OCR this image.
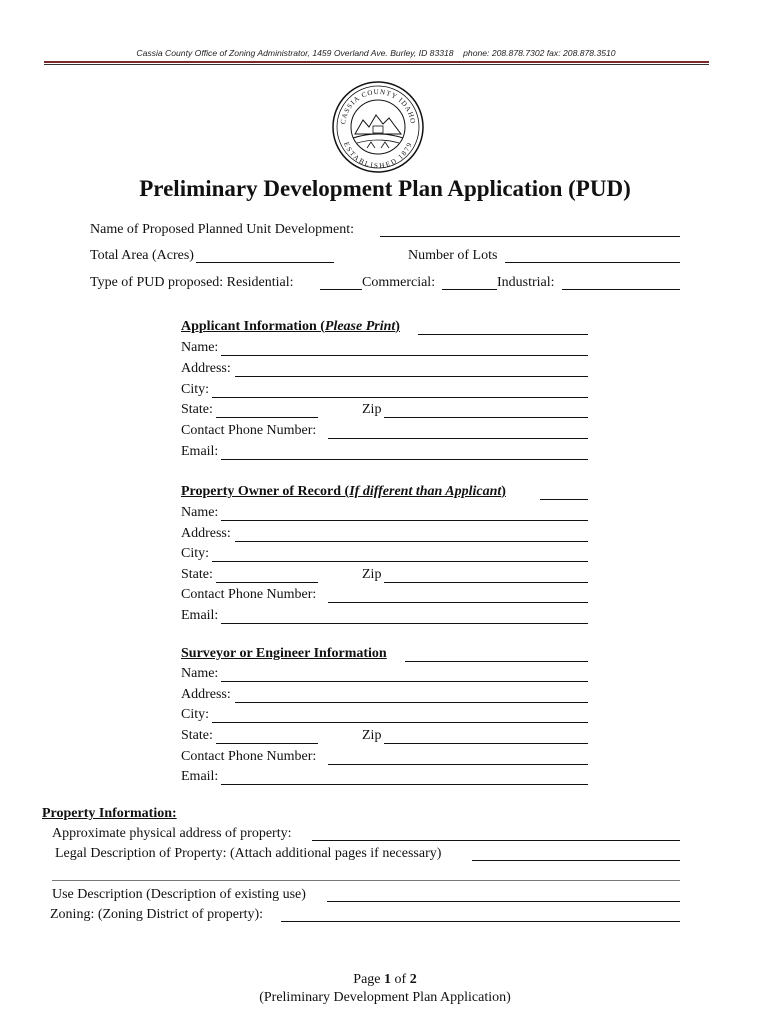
Cassia County Office of Zoning Administrator, 1459 Overland Ave. Burley, ID 83318 phone: 208.878.7302 fax: 208.878.3510
CASSIA COUNTY IDAHO
ESTABLISHED 1879
Preliminary Development Plan Application (PUD)
Name of Proposed Planned Unit Development:
Total Area (Acres)	Number of Lots
Type of PUD proposed: Residential:	Commercial:	Industrial:
Applicant Information (Please Print)
Name:
Address:
City:
State:	Zip
Contact Phone Number:
Email:
Property Owner of Record (If different than Applicant)
Name:
Address:
City:
State:	Zip
Contact Phone Number:
Email:
Surveyor or Engineer Information
Name:
Address:
City:
State:	Zip
Contact Phone Number:
Email:
Property Information:
Approximate physical address of property:
Legal Description of Property: (Attach additional pages if necessary)
Use Description (Description of existing use)
Zoning: (Zoning District of property):
Page 1 of 2
(Preliminary Development Plan Application)
